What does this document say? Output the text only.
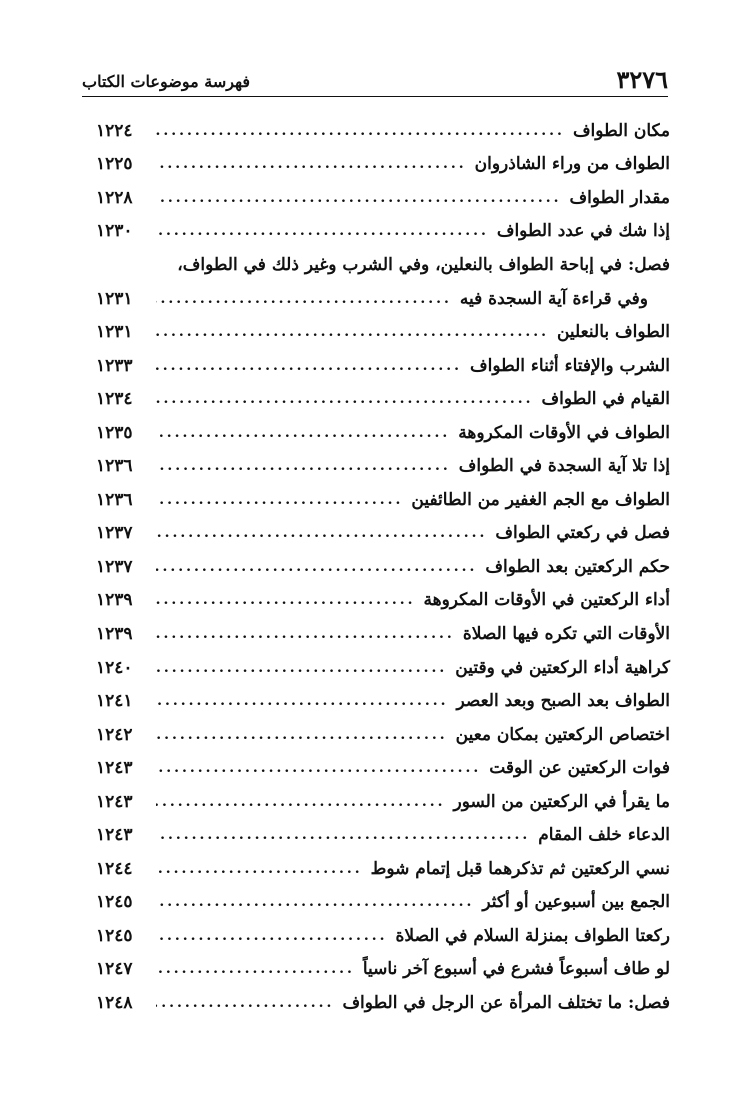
٣٢٧٦
فهرسة موضوعات الكتاب
مكان الطواف
.....
١٢٢٤
الطواف من وراء الشاذروان
.....
١٢٢٥
مقدار الطواف
.....
١٢٢٨
إذا شك في عدد الطواف
.....
١٢٣٠
فصل: في إباحة الطواف بالنعلين، وفي الشرب وغير ذلك في الطواف،
وفي قراءة آية السجدة فيه
.....
١٢٣١
الطواف بالنعلين
.....
١٢٣١
الشرب والإفتاء أثناء الطواف
.....
١٢٣٣
القيام في الطواف
.....
١٢٣٤
الطواف في الأوقات المكروهة
.....
١٢٣٥
إذا تلا آية السجدة في الطواف
.....
١٢٣٦
الطواف مع الجم الغفير من الطائفين
.....
١٢٣٦
فصل في ركعتي الطواف
.....
١٢٣٧
حكم الركعتين بعد الطواف
.....
١٢٣٧
أداء الركعتين في الأوقات المكروهة
.....
١٢٣٩
الأوقات التي تكره فيها الصلاة
.....
١٢٣٩
كراهية أداء الركعتين في وقتين
.....
١٢٤٠
الطواف بعد الصبح وبعد العصر
.....
١٢٤١
اختصاص الركعتين بمكان معين
.....
١٢٤٢
فوات الركعتين عن الوقت
.....
١٢٤٣
ما يقرأ في الركعتين من السور
.....
١٢٤٣
الدعاء خلف المقام
.....
١٢٤٣
نسي الركعتين ثم تذكرهما قبل إتمام شوط
.....
١٢٤٤
الجمع بين أسبوعين أو أكثر
.....
١٢٤٥
ركعتا الطواف بمنزلة السلام في الصلاة
.....
١٢٤٥
لو طاف أسبوعاً فشرع في أسبوع آخر ناسياً
.....
١٢٤٧
فصل: ما تختلف المرأة عن الرجل في الطواف
.....
١٢٤٨
